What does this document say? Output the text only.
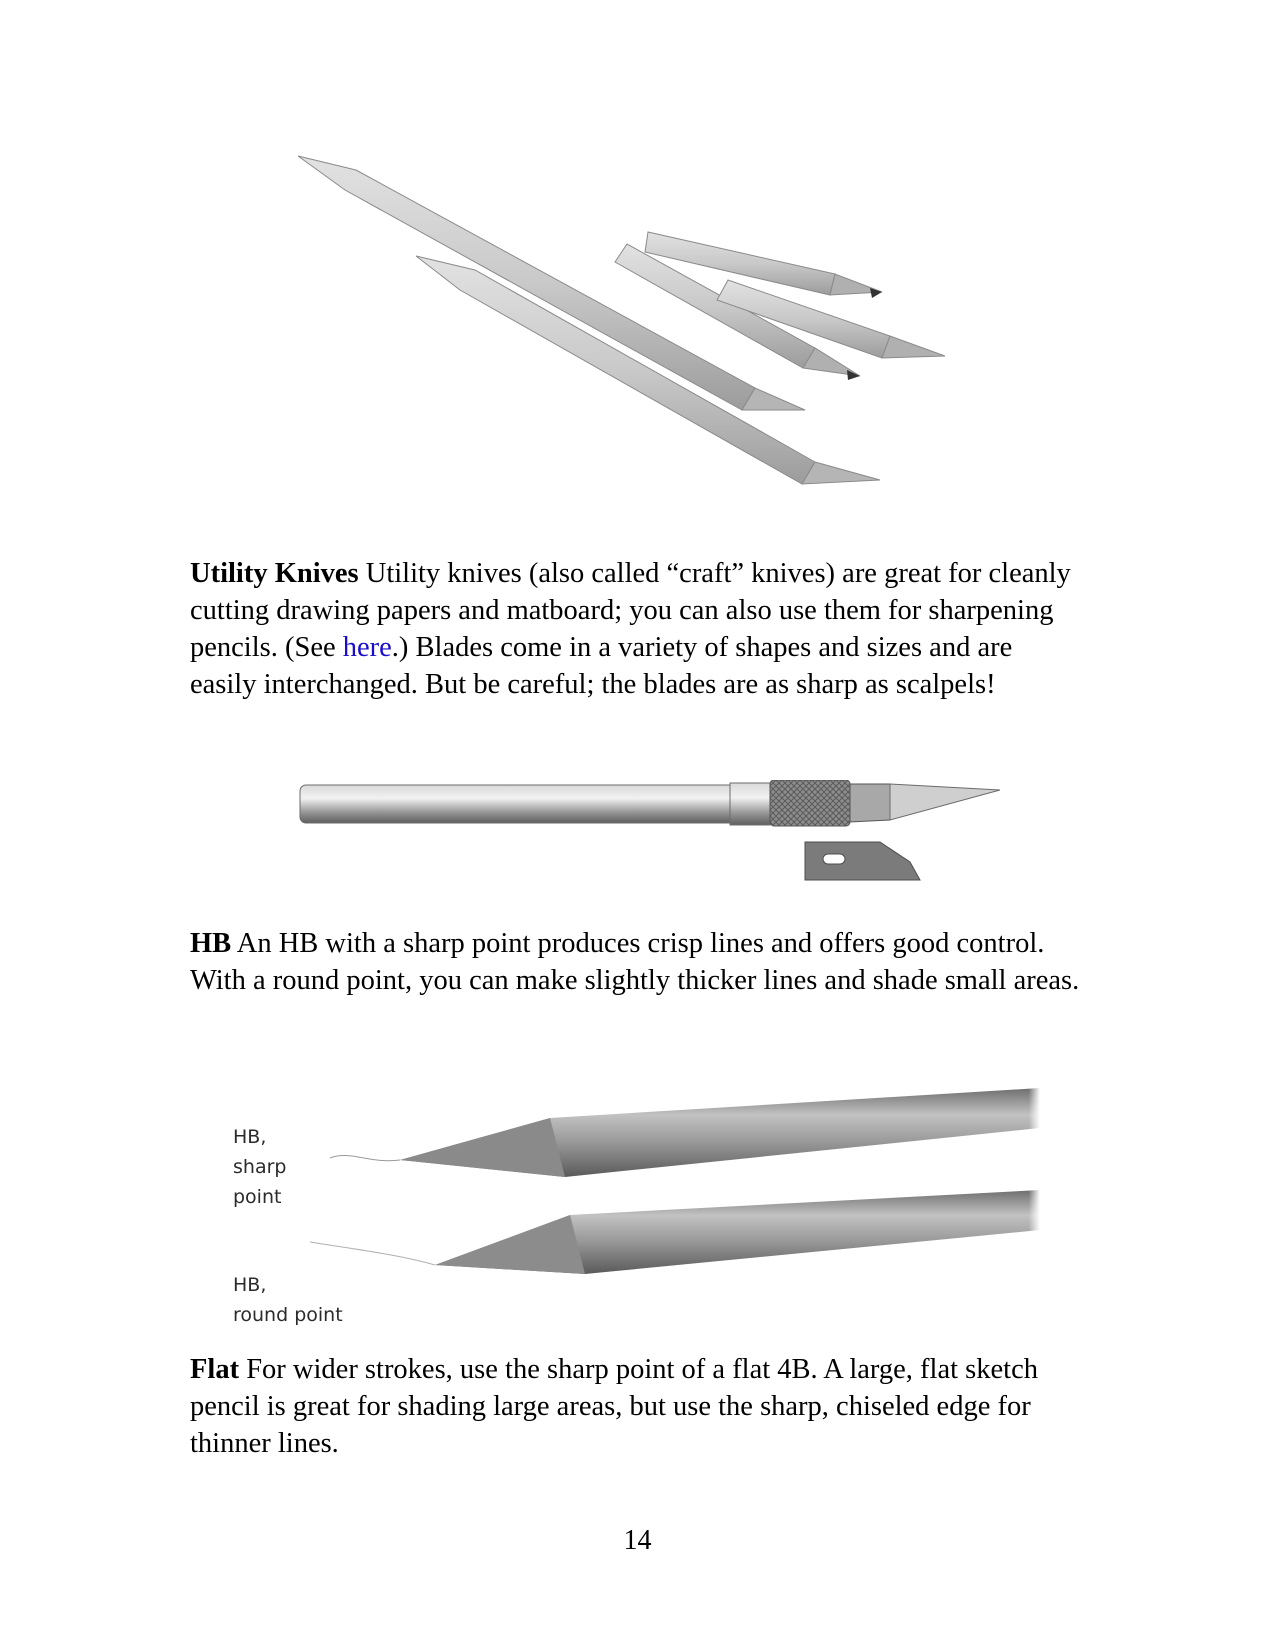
Utility Knives Utility knives (also called “craft” knives) are great for cleanly cutting drawing papers and matboard; you can also use them for sharpening pencils. (See here.) Blades come in a variety of shapes and sizes and are easily interchanged. But be careful; the blades are as sharp as scalpels!

HB An HB with a sharp point produces crisp lines and offers good control. With a round point, you can make slightly thicker lines and shade small areas.

HB,
sharp
point
HB,
round point

Flat For wider strokes, use the sharp point of a flat 4B. A large, flat sketch pencil is great for shading large areas, but use the sharp, chiseled edge for thinner lines.

14
